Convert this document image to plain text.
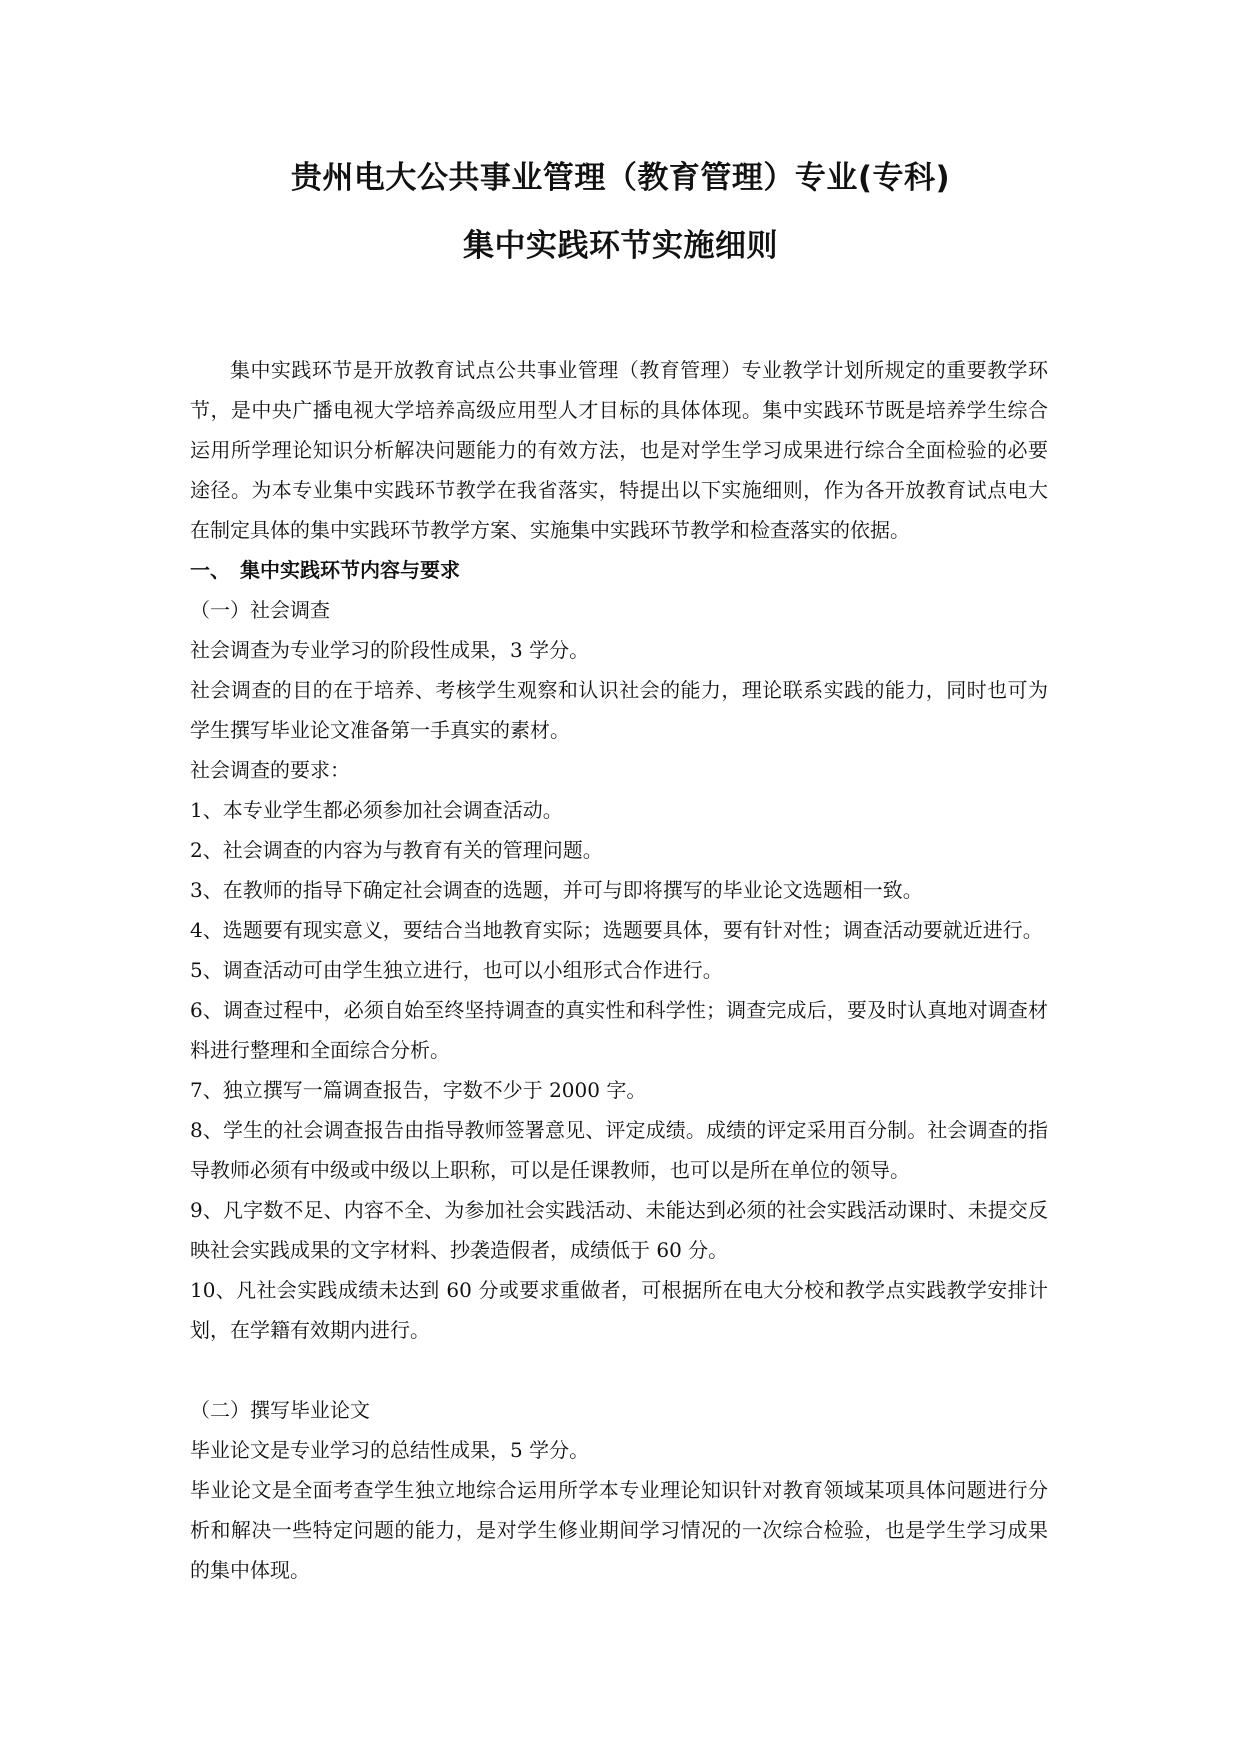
贵州电大公共事业管理（教育管理）专业(专科)
集中实践环节实施细则

集中实践环节是开放教育试点公共事业管理（教育管理）专业教学计划所规定的重要教学环节，是中央广播电视大学培养高级应用型人才目标的具体体现。集中实践环节既是培养学生综合运用所学理论知识分析解决问题能力的有效方法，也是对学生学习成果进行综合全面检验的必要途径。为本专业集中实践环节教学在我省落实，特提出以下实施细则，作为各开放教育试点电大在制定具体的集中实践环节教学方案、实施集中实践环节教学和检查落实的依据。

一、 集中实践环节内容与要求

（一）社会调查

社会调查为专业学习的阶段性成果，3 学分。

社会调查的目的在于培养、考核学生观察和认识社会的能力，理论联系实践的能力，同时也可为学生撰写毕业论文准备第一手真实的素材。

社会调查的要求：

1、本专业学生都必须参加社会调查活动。

2、社会调查的内容为与教育有关的管理问题。

3、在教师的指导下确定社会调查的选题，并可与即将撰写的毕业论文选题相一致。

4、选题要有现实意义，要结合当地教育实际；选题要具体，要有针对性；调查活动要就近进行。

5、调查活动可由学生独立进行，也可以小组形式合作进行。

6、调查过程中，必须自始至终坚持调查的真实性和科学性；调查完成后，要及时认真地对调查材料进行整理和全面综合分析。

7、独立撰写一篇调查报告，字数不少于 2000 字。

8、学生的社会调查报告由指导教师签署意见、评定成绩。成绩的评定采用百分制。社会调查的指导教师必须有中级或中级以上职称，可以是任课教师，也可以是所在单位的领导。

9、凡字数不足、内容不全、为参加社会实践活动、未能达到必须的社会实践活动课时、未提交反映社会实践成果的文字材料、抄袭造假者，成绩低于 60 分。

10、凡社会实践成绩未达到 60 分或要求重做者，可根据所在电大分校和教学点实践教学安排计划，在学籍有效期内进行。

（二）撰写毕业论文

毕业论文是专业学习的总结性成果，5 学分。

毕业论文是全面考查学生独立地综合运用所学本专业理论知识针对教育领域某项具体问题进行分析和解决一些特定问题的能力，是对学生修业期间学习情况的一次综合检验，也是学生学习成果的集中体现。
